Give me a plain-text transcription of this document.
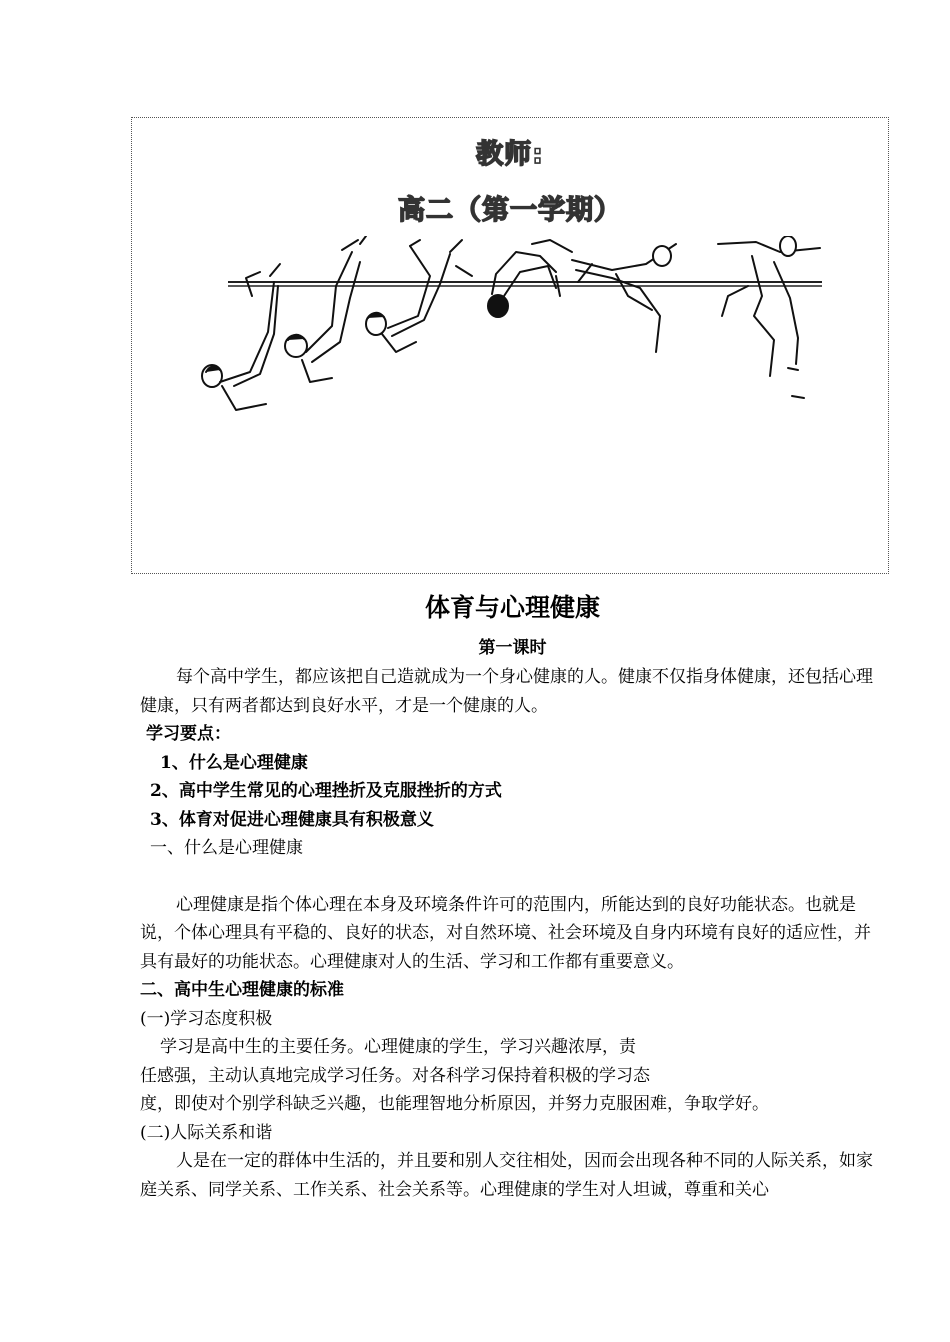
教师:
高二（第一学期）
体育与心理健康
第一课时

每个高中学生，都应该把自己造就成为一个身心健康的人。健康不仅指身体健康，还包括心理健康，只有两者都达到良好水平，才是一个健康的人。

学习要点：

1、什么是心理健康

2、高中学生常见的心理挫折及克服挫折的方式

3、体育对促进心理健康具有积极意义

一、什么是心理健康

心理健康是指个体心理在本身及环境条件许可的范围内，所能达到的良好功能状态。也就是说，个体心理具有平稳的、良好的状态，对自然环境、社会环境及自身内环境有良好的适应性，并具有最好的功能状态。心理健康对人的生活、学习和工作都有重要意义。

二、高中生心理健康的标准

(一)学习态度积极

学习是高中生的主要任务。心理健康的学生，学习兴趣浓厚，责

任感强，主动认真地完成学习任务。对各科学习保持着积极的学习态

度，即使对个别学科缺乏兴趣，也能理智地分析原因，并努力克服困难，争取学好。

(二)人际关系和谐

人是在一定的群体中生活的，并且要和别人交往相处，因而会出现各种不同的人际关系，如家庭关系、同学关系、工作关系、社会关系等。心理健康的学生对人坦诚，尊重和关心
